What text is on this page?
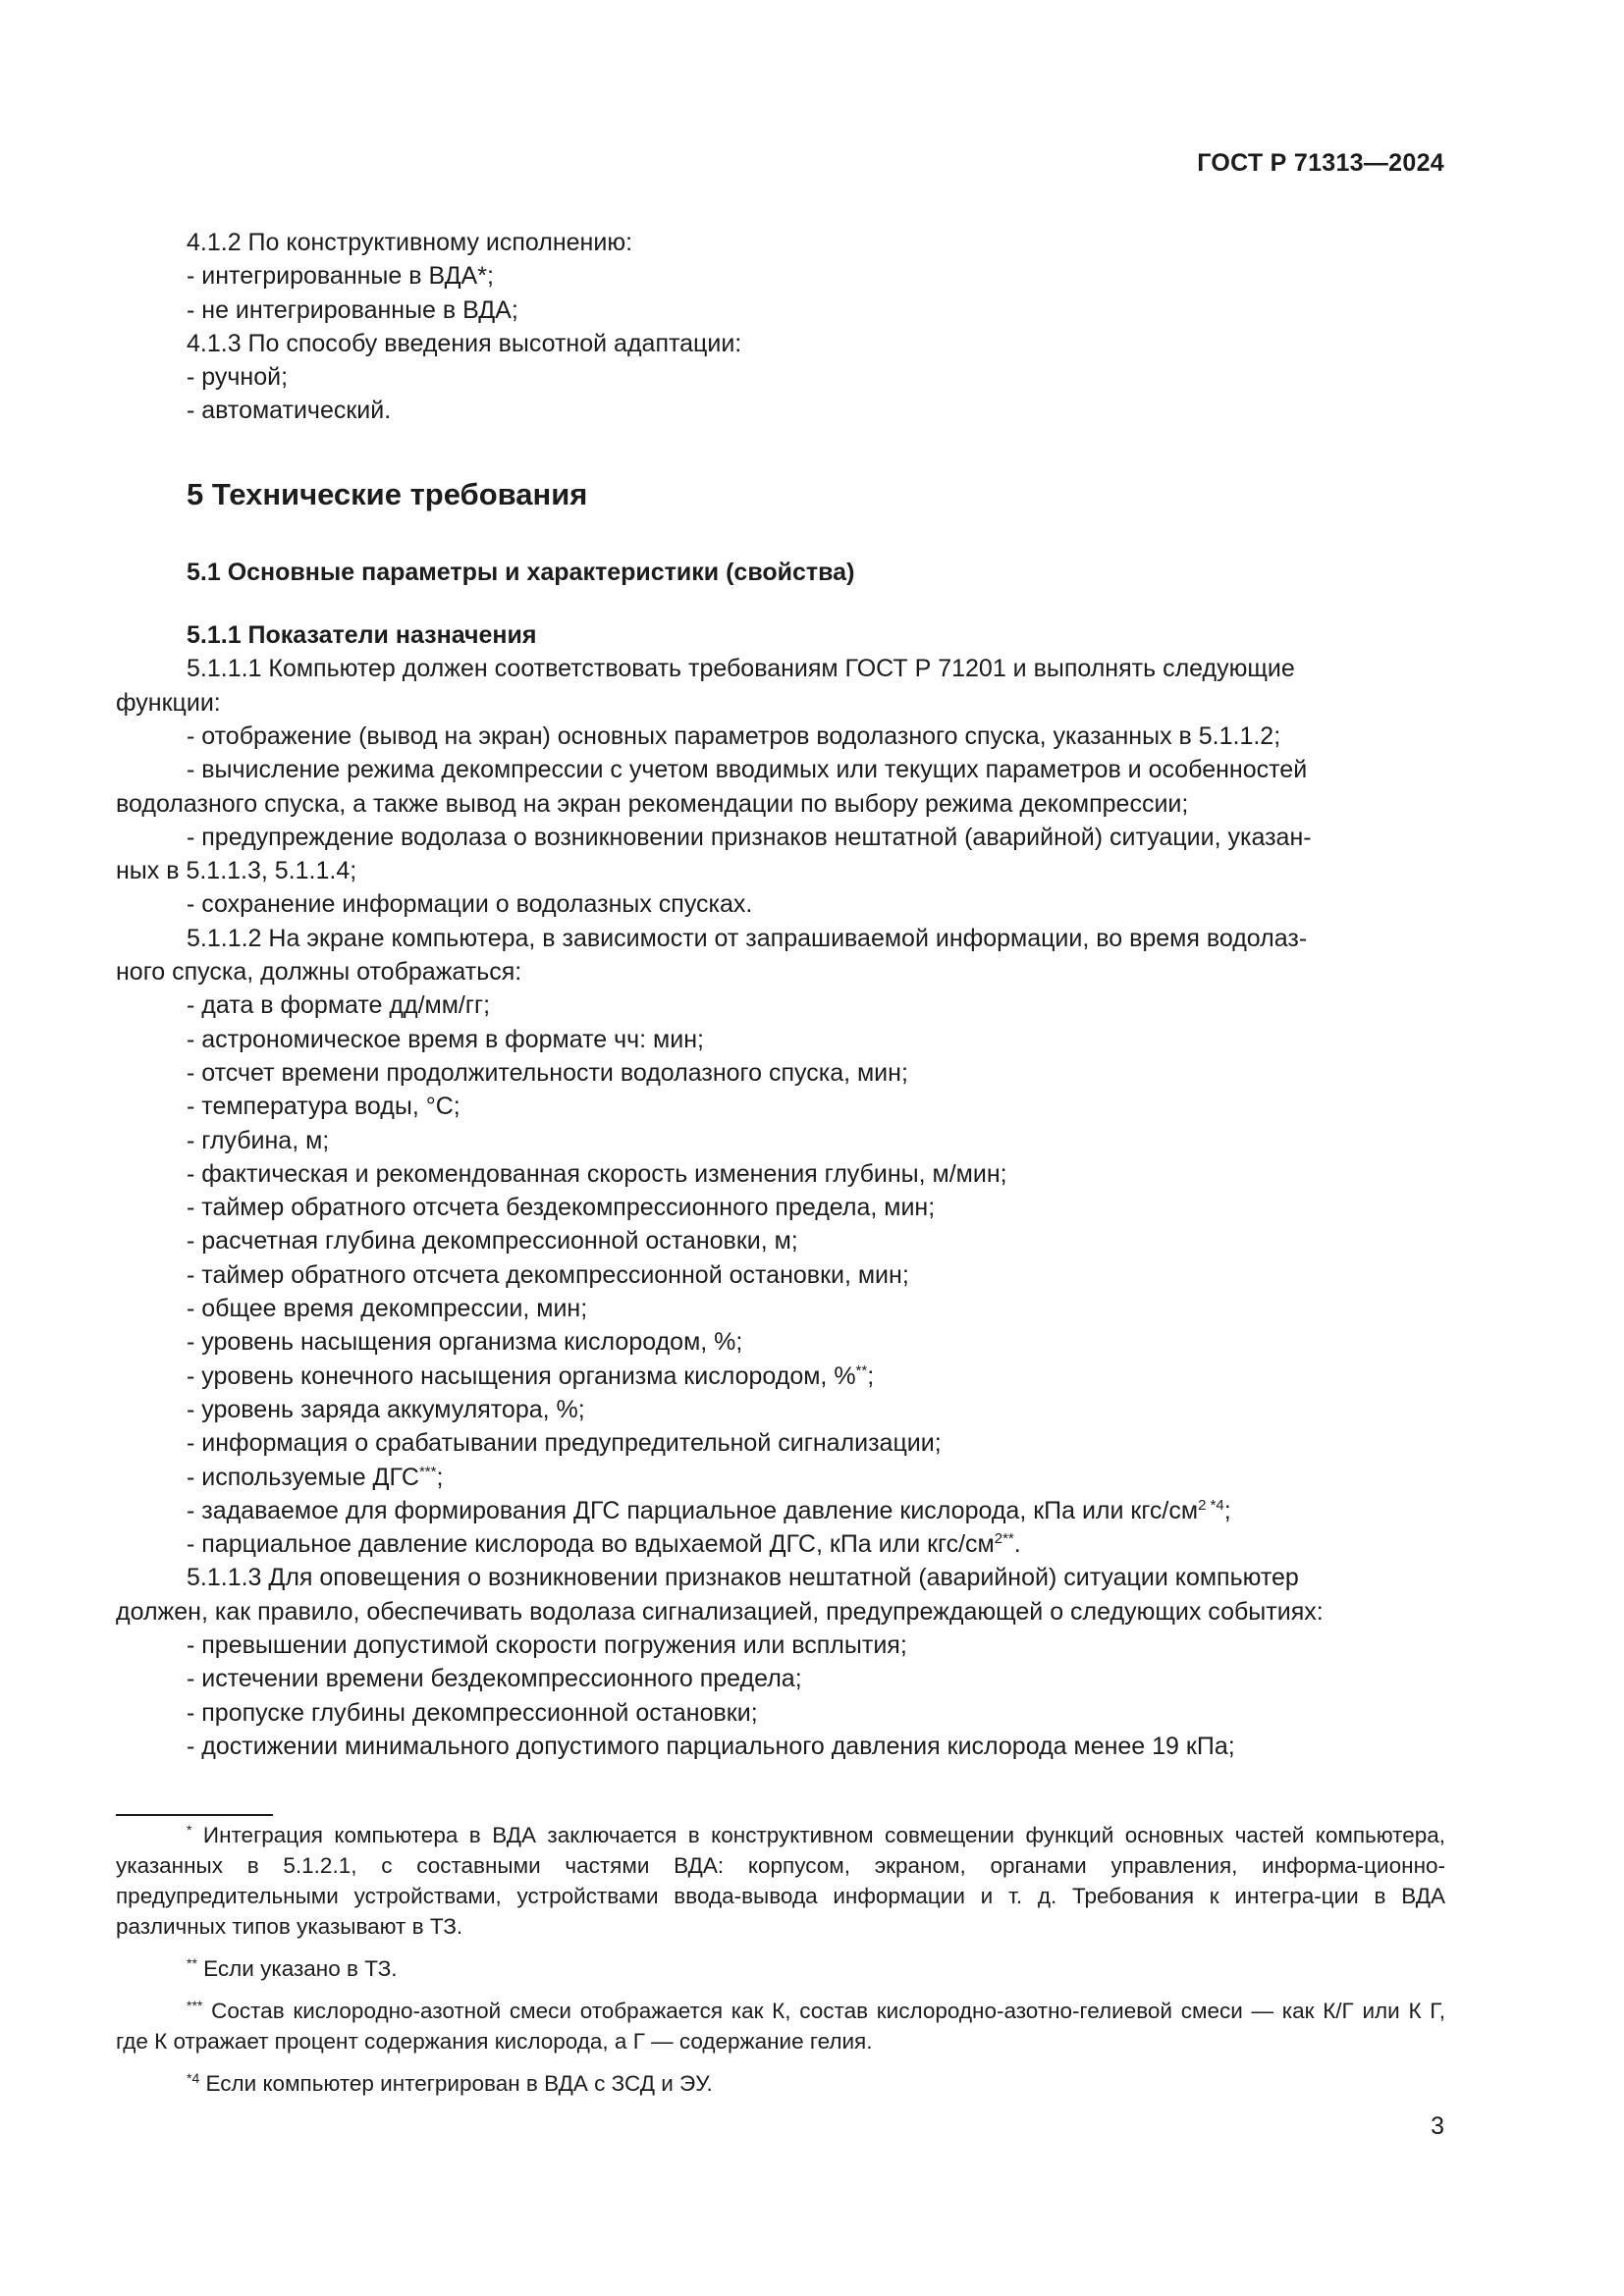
ГОСТ Р 71313—2024

4.1.2 По конструктивному исполнению:

- интегрированные в ВДА*;

- не интегрированные в ВДА;

4.1.3 По способу введения высотной адаптации:

- ручной;

- автоматический.

5 Технические требования
5.1 Основные параметры и характеристики (свойства)
5.1.1 Показатели назначения

5.1.1.1 Компьютер должен соответствовать требованиям ГОСТ Р 71201 и выполнять следующие

функции:

- отображение (вывод на экран) основных параметров водолазного спуска, указанных в 5.1.1.2;

- вычисление режима декомпрессии с учетом вводимых или текущих параметров и особенностей

водолазного спуска, а также вывод на экран рекомендации по выбору режима декомпрессии;

- предупреждение водолаза о возникновении признаков нештатной (аварийной) ситуации, указан-

ных в 5.1.1.3, 5.1.1.4;

- сохранение информации о водолазных спусках.

5.1.1.2 На экране компьютера, в зависимости от запрашиваемой информации, во время водолаз-

ного спуска, должны отображаться:

- дата в формате дд/мм/гг;

- астрономическое время в формате чч: мин;

- отсчет времени продолжительности водолазного спуска, мин;

- температура воды, °С;

- глубина, м;

- фактическая и рекомендованная скорость изменения глубины, м/мин;

- таймер обратного отсчета бездекомпрессионного предела, мин;

- расчетная глубина декомпрессионной остановки, м;

- таймер обратного отсчета декомпрессионной остановки, мин;

- общее время декомпрессии, мин;

- уровень насыщения организма кислородом, %;

- уровень конечного насыщения организма кислородом, %**;

- уровень заряда аккумулятора, %;

- информация о срабатывании предупредительной сигнализации;

- используемые ДГС***;

- задаваемое для формирования ДГС парциальное давление кислорода, кПа или кгс/$см^{2 *4}$;

- парциальное давление кислорода во вдыхаемой ДГС, кПа или кгс/$см^{2**}$.

5.1.1.3 Для оповещения о возникновении признаков нештатной (аварийной) ситуации компьютер

должен, как правило, обеспечивать водолаза сигнализацией, предупреждающей о следующих событиях:

- превышении допустимой скорости погружения или всплытия;

- истечении времени бездекомпрессионного предела;

- пропуске глубины декомпрессионной остановки;

- достижении минимального допустимого парциального давления кислорода менее 19 кПа;

* Интеграция компьютера в ВДА заключается в конструктивном совмещении функций основных частей компьютера, указанных в 5.1.2.1, с составными частями ВДА: корпусом, экраном, органами управления, информа-ционно-предупредительными устройствами, устройствами ввода-вывода информации и т. д. Требования к интегра-ции в ВДА различных типов указывают в ТЗ.

** Если указано в ТЗ.

*** Состав кислородно-азотной смеси отображается как К, состав кислородно-азотно-гелиевой смеси — как К/Г или К Г, где К отражает процент содержания кислорода, а Г — содержание гелия.

$^{*4}$ Если компьютер интегрирован в ВДА с ЗСД и ЭУ.

3
